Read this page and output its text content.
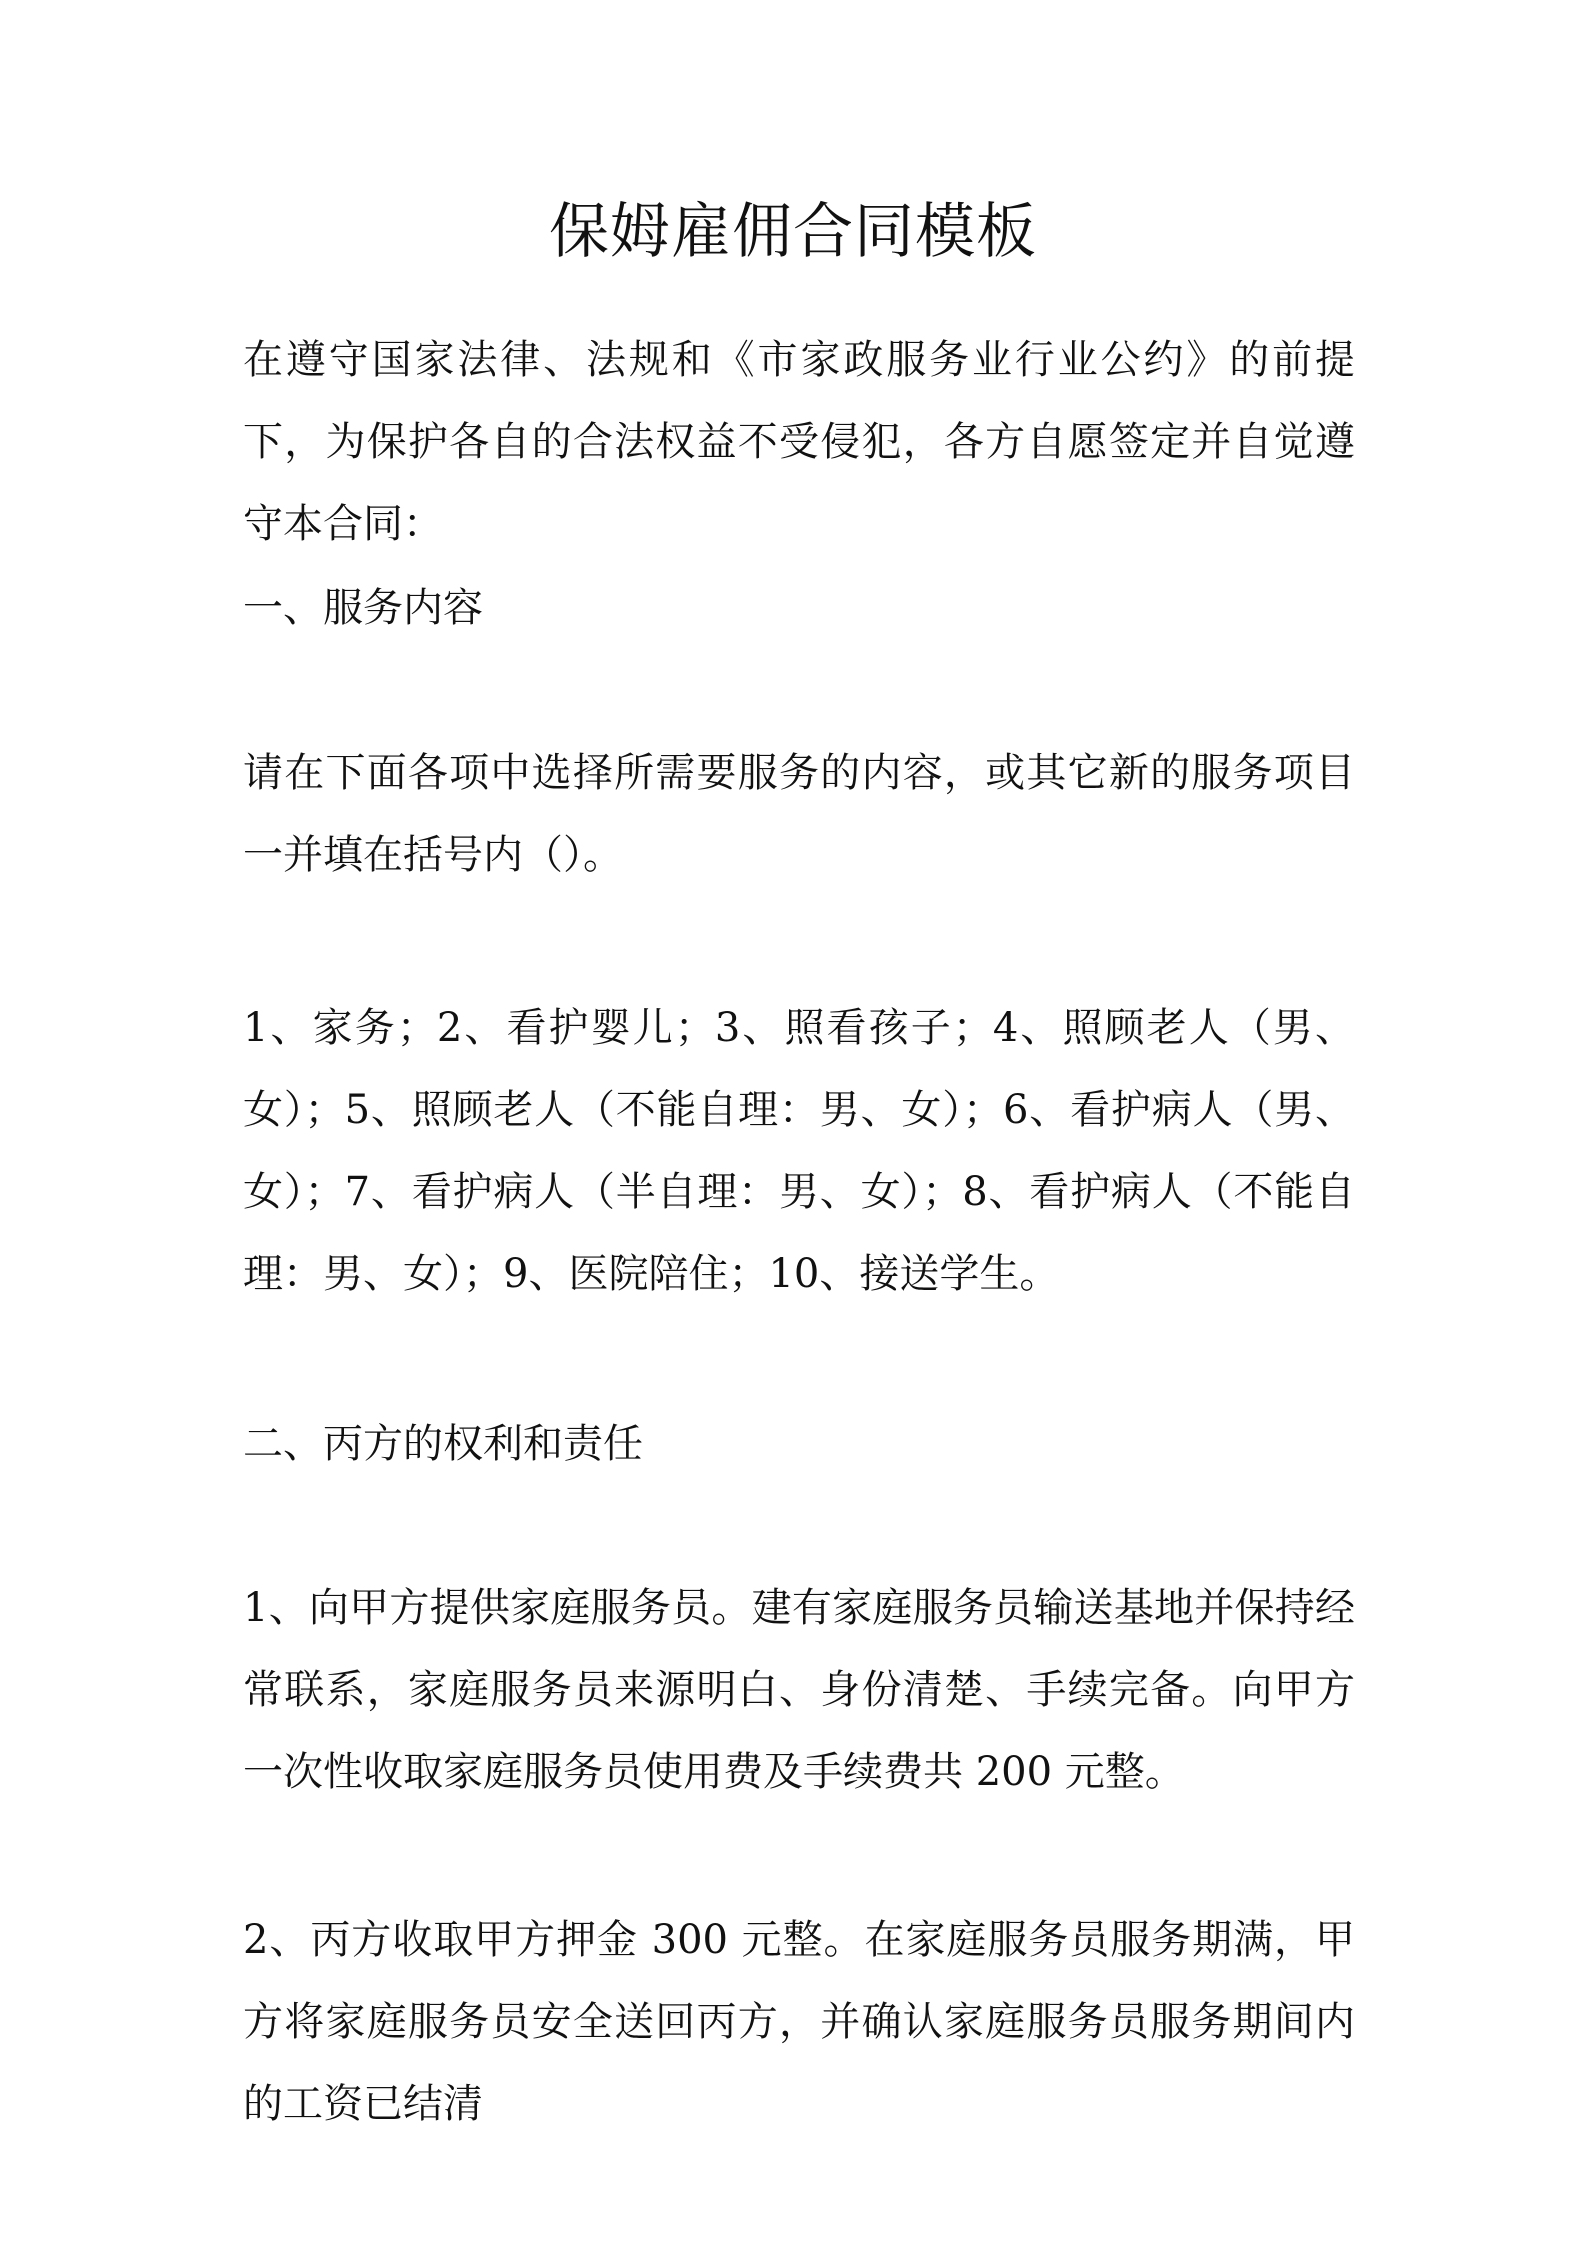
保姆雇佣合同模板

在遵守国家法律、法规和《市家政服务业行业公约》的前提下，为保护各自的合法权益不受侵犯，各方自愿签定并自觉遵守本合同：

一、服务内容

请在下面各项中选择所需要服务的内容，或其它新的服务项目一并填在括号内（）。

1、家务；2、看护婴儿；3、照看孩子；4、照顾老人（男、女）；5、照顾老人（不能自理：男、女）；6、看护病人（男、女）；7、看护病人（半自理：男、女）；8、看护病人（不能自理：男、女）；9、医院陪住；10、接送学生。

二、丙方的权利和责任

1、向甲方提供家庭服务员。建有家庭服务员输送基地并保持经常联系，家庭服务员来源明白、身份清楚、手续完备。向甲方一次性收取家庭服务员使用费及手续费共 200 元整。

2、丙方收取甲方押金 300 元整。在家庭服务员服务期满，甲方将家庭服务员安全送回丙方，并确认家庭服务员服务期间内的工资已结清
